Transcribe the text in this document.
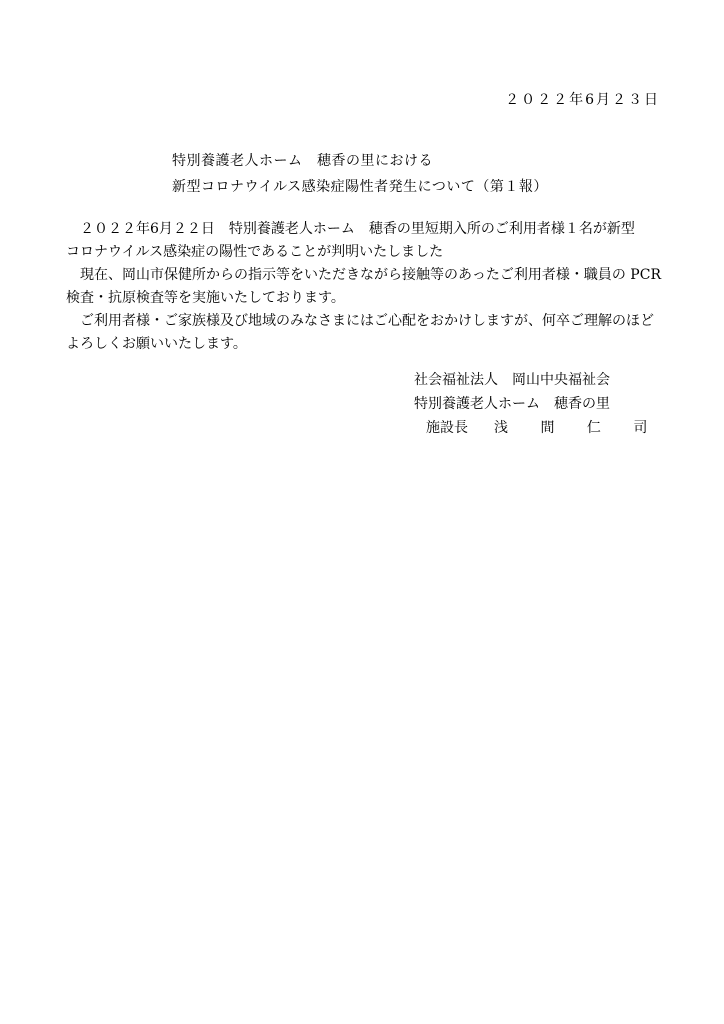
２０２２年6月２３日
特別養護老人ホーム　穂香の里における
新型コロナウイルス感染症陽性者発生について（第１報）
　２０２２年6月２２日　特別養護老人ホーム　穂香の里短期入所のご利用者様１名が新型
コロナウイルス感染症の陽性であることが判明いたしました
　現在、岡山市保健所からの指示等をいただきながら接触等のあったご利用者様・職員の PCR
検査・抗原検査等を実施いたしております。
　ご利用者様・ご家族様及び地域のみなさまにはご心配をおかけしますが、何卒ご理解のほど
よろしくお願いいたします。
社会福祉法人　岡山中央福祉会
特別養護老人ホーム　穂香の里
施設長 浅 間 仁 司
